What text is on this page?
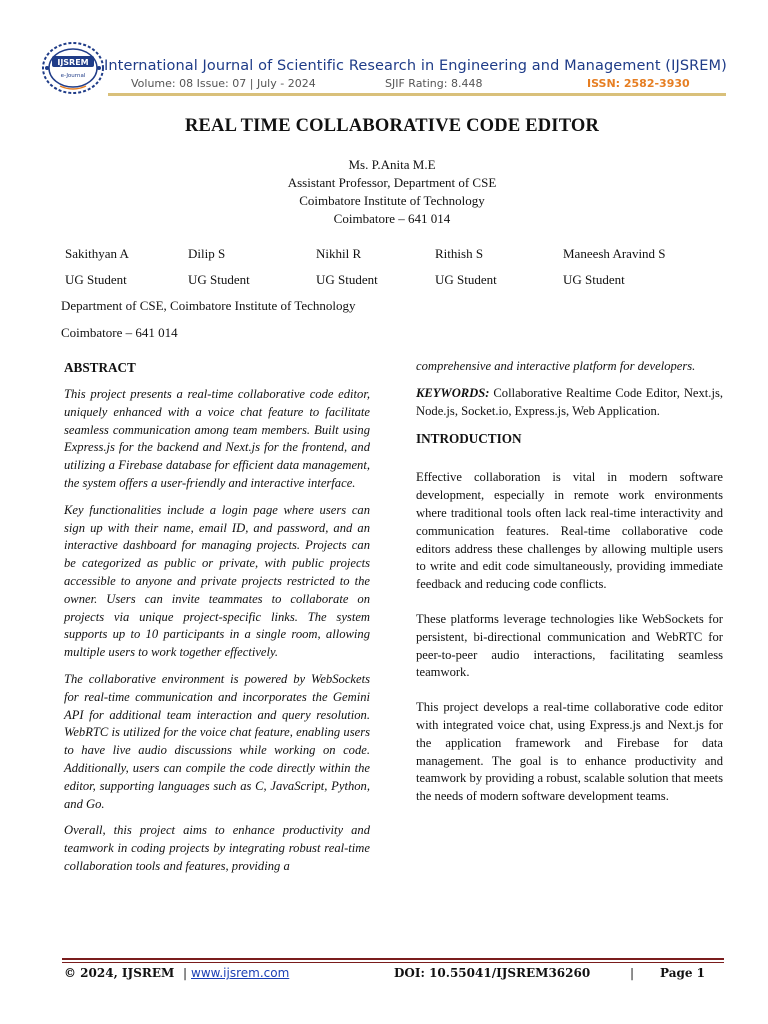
IJSREM
e-Journal
International Journal of Scientific Research in Engineering and Management (IJSREM)
Volume: 08 Issue: 07 | July - 2024	SJIF Rating: 8.448	ISSN: 2582-3930
REAL TIME COLLABORATIVE CODE EDITOR
Ms. P.Anita M.E
Assistant Professor, Department of CSE
Coimbatore Institute of Technology
Coimbatore – 641 014
Sakithyan A	Dilip S	Nikhil R	Rithish S	Maneesh Aravind S
UG Student	UG Student	UG Student	UG Student	UG Student
Department of CSE, Coimbatore Institute of Technology
Coimbatore – 641 014
ABSTRACT

This project presents a real-time collaborative code editor, uniquely enhanced with a voice chat feature to facilitate seamless communication among team members. Built using Express.js for the backend and Next.js for the frontend, and utilizing a Firebase database for efficient data management, the system offers a user-friendly and interactive interface.

Key functionalities include a login page where users can sign up with their name, email ID, and password, and an interactive dashboard for managing projects. Projects can be categorized as public or private, with public projects accessible to anyone and private projects restricted to the owner. Users can invite teammates to collaborate on projects via unique project-specific links. The system supports up to 10 participants in a single room, allowing multiple users to work together effectively.

The collaborative environment is powered by WebSockets for real-time communication and incorporates the Gemini API for additional team interaction and query resolution. WebRTC is utilized for the voice chat feature, enabling users to have live audio discussions while working on code. Additionally, users can compile the code directly within the editor, supporting languages such as C, JavaScript, Python, and Go.

Overall, this project aims to enhance productivity and teamwork in coding projects by integrating robust real-time collaboration tools and features, providing a

comprehensive and interactive platform for developers.

KEYWORDS: Collaborative Realtime Code Editor, Next.js, Node.js, Socket.io, Express.js, Web Application.

INTRODUCTION

Effective collaboration is vital in modern software development, especially in remote work environments where traditional tools often lack real-time interactivity and communication features. Real-time collaborative code editors address these challenges by allowing multiple users to write and edit code simultaneously, providing immediate feedback and reducing code conflicts.

These platforms leverage technologies like WebSockets for persistent, bi-directional communication and WebRTC for peer-to-peer audio interactions, facilitating seamless teamwork.

This project develops a real-time collaborative code editor with integrated voice chat, using Express.js and Next.js for the application framework and Firebase for data management. The goal is to enhance productivity and teamwork by providing a robust, scalable solution that meets the needs of modern software development teams.

© 2024, IJSREM | www.ijsrem.com	DOI: 10.55041/IJSREM36260	| Page 1
